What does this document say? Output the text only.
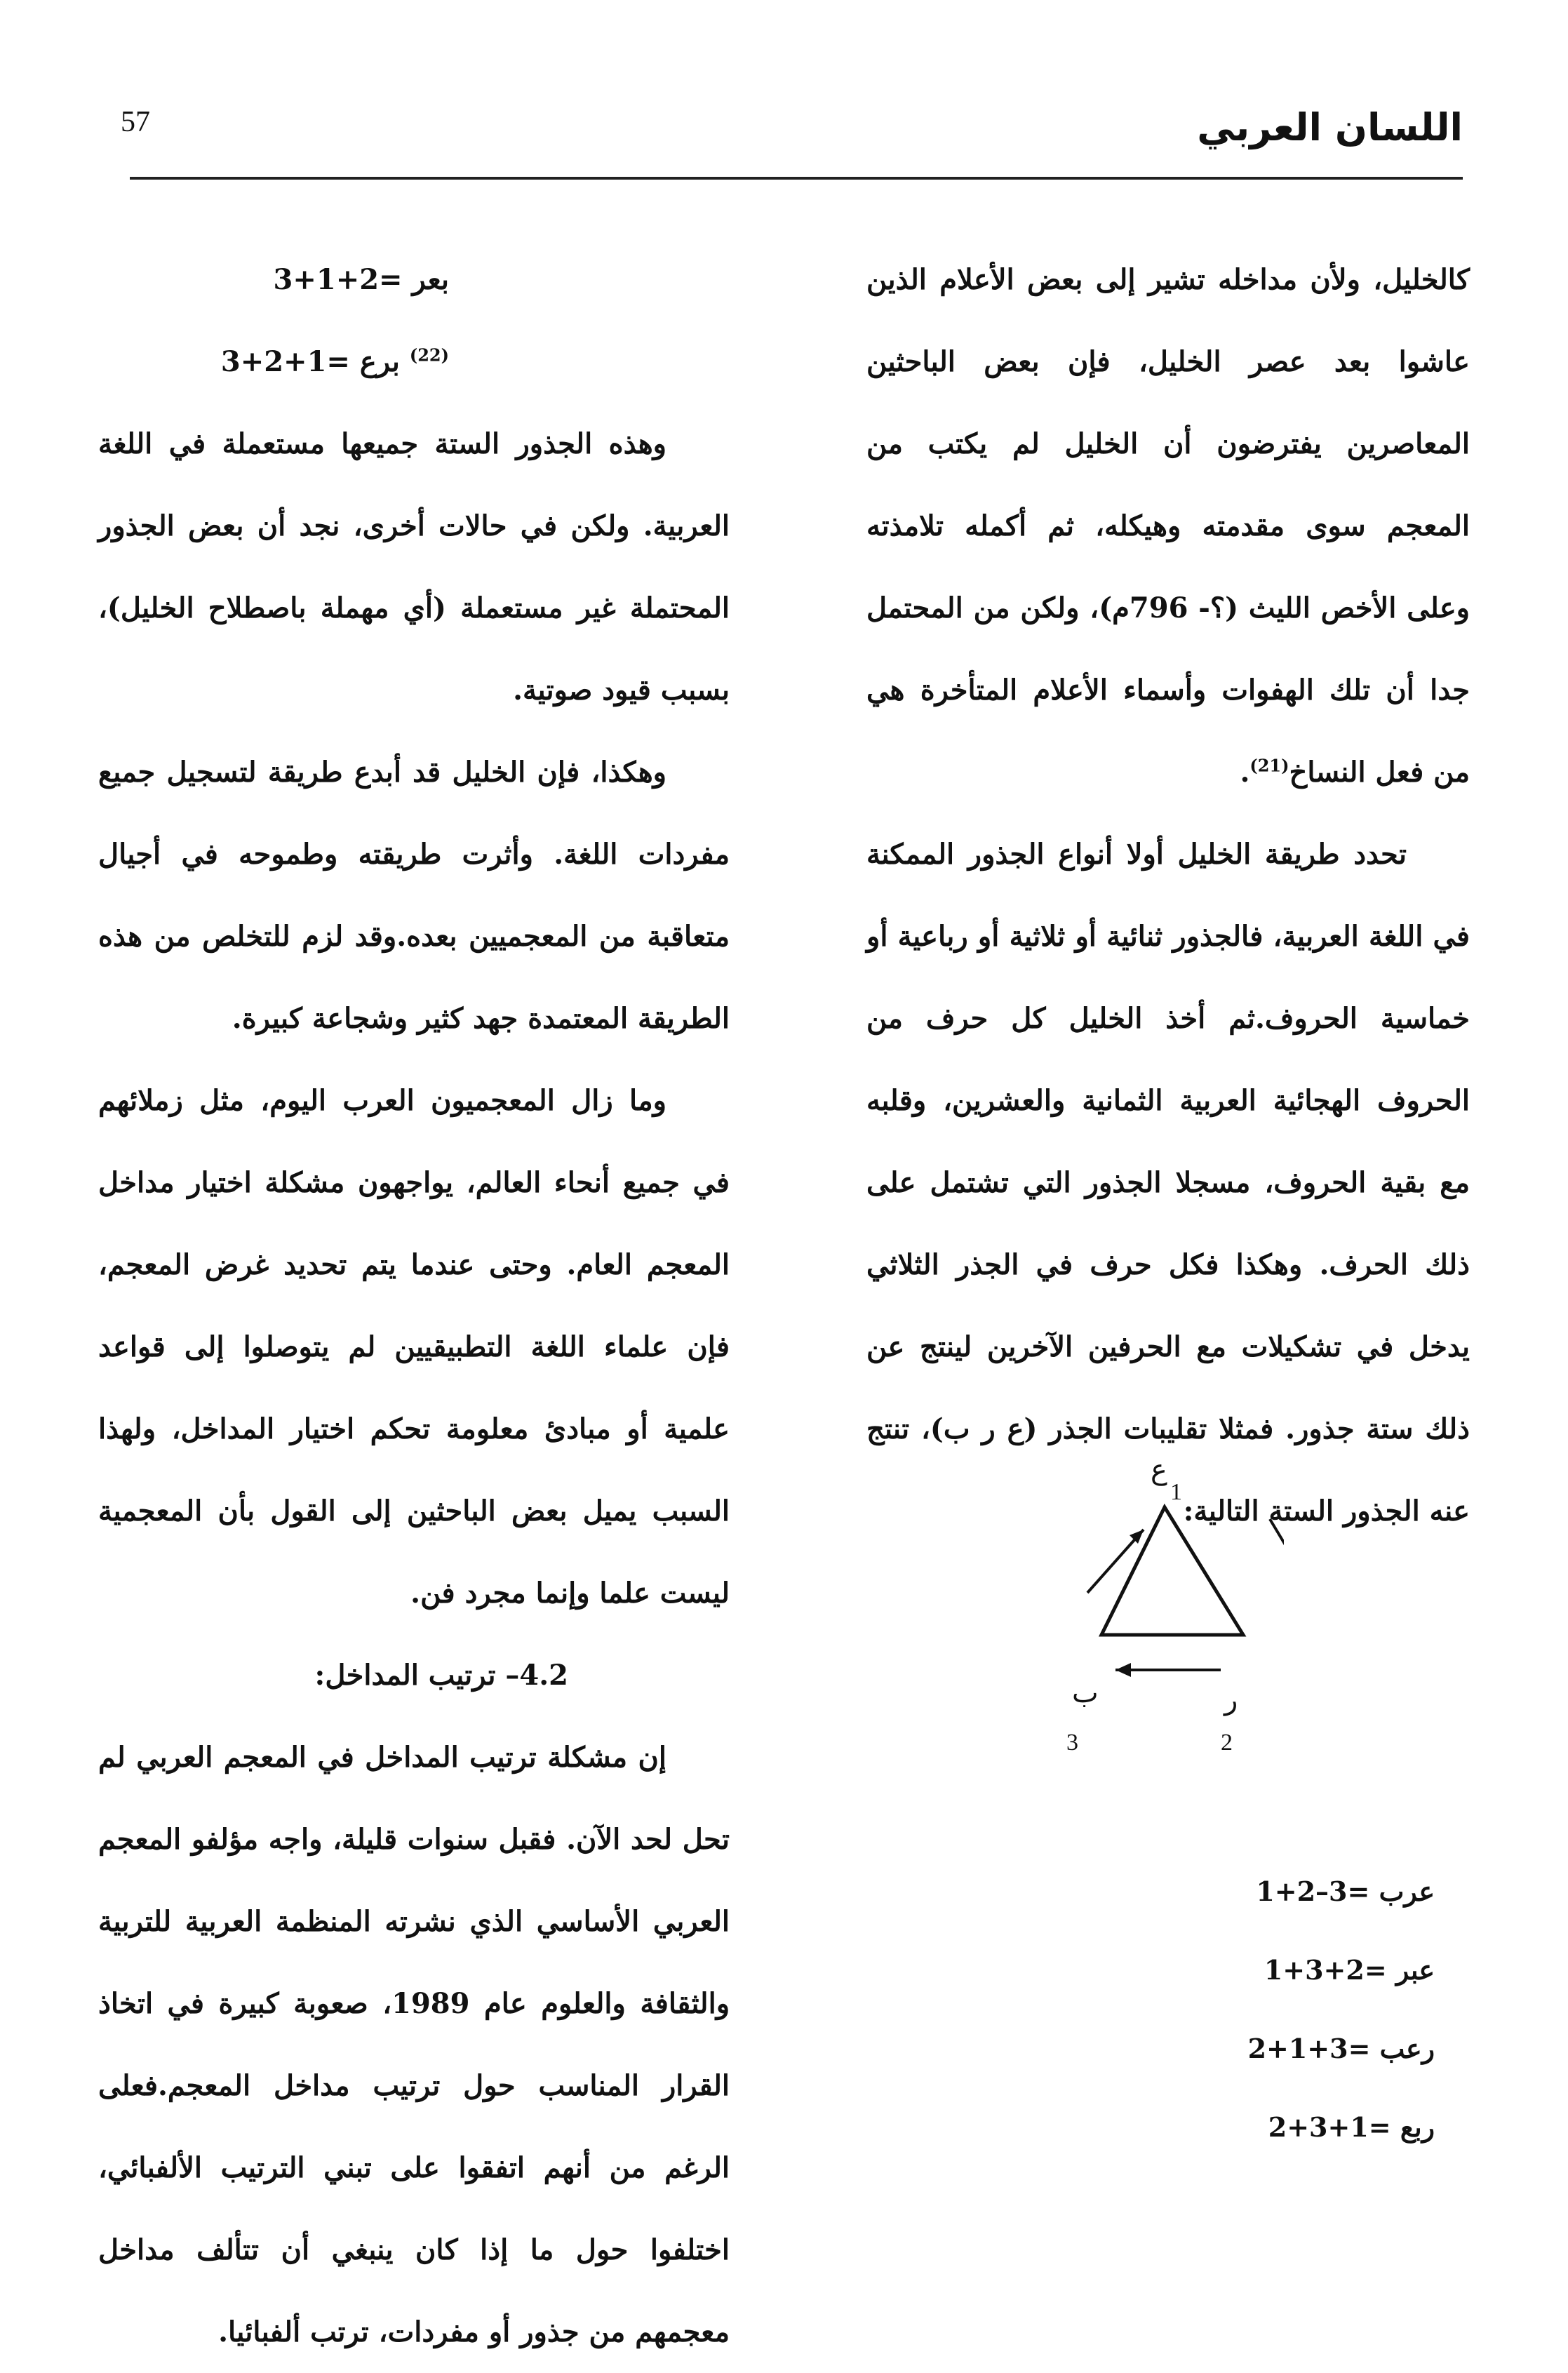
57	اللسان العربي

كالخليل، ولأن مداخله تشير إلى بعض الأعلام الذين عاشوا بعد عصر الخليل، فإن بعض الباحثين المعاصرين يفترضون أن الخليل لم يكتب من المعجم سوى مقدمته وهيكله، ثم أكمله تلامذته وعلى الأخص الليث (؟- 796م)، ولكن من المحتمل جدا أن تلك الهفوات وأسماء الأعلام المتأخرة هي من فعل النساخ$^{(21)}$.

تحدد طريقة الخليل أولا أنواع الجذور الممكنة في اللغة العربية، فالجذور ثنائية أو ثلاثية أو رباعية أو خماسية الحروف.ثم أخذ الخليل كل حرف من الحروف الهجائية العربية الثمانية والعشرين، وقلبه مع بقية الحروف، مسجلا الجذور التي تشتمل على ذلك الحرف. وهكذا فكل حرف في الجذر الثلاثي يدخل في تشكيلات مع الحرفين الآخرين لينتج عن ذلك ستة جذور. فمثلا تقليبات الجذر (ع ر ب)، تنتج عنه الجذور الستة التالية:

ع
1
ر
2
ب
3
عرب 1+2–3=
عبر 1+3+2=
رعب 2+1+3=
ربع 2+3+1=

بعر 3+1+2=

$^{(22)}$ برع 3+2+1=

وهذه الجذور الستة جميعها مستعملة في اللغة العربية. ولكن في حالات أخرى، نجد أن بعض الجذور المحتملة غير مستعملة (أي مهملة باصطلاح الخليل)، بسبب قيود صوتية.

وهكذا، فإن الخليل قد أبدع طريقة لتسجيل جميع مفردات اللغة. وأثرت طريقته وطموحه في أجيال متعاقبة من المعجميين بعده.وقد لزم للتخلص من هذه الطريقة المعتمدة جهد كثير وشجاعة كبيرة.

وما زال المعجميون العرب اليوم، مثل زملائهم في جميع أنحاء العالم، يواجهون مشكلة اختيار مداخل المعجم العام. وحتى عندما يتم تحديد غرض المعجم، فإن علماء اللغة التطبيقيين لم يتوصلوا إلى قواعد علمية أو مبادئ معلومة تحكم اختيار المداخل، ولهذا السبب يميل بعض الباحثين إلى القول بأن المعجمية ليست علما وإنما مجرد فن.

4.2– ترتيب المداخل:

إن مشكلة ترتيب المداخل في المعجم العربي لم تحل لحد الآن. فقبل سنوات قليلة، واجه مؤلفو المعجم العربي الأساسي الذي نشرته المنظمة العربية للتربية والثقافة والعلوم عام 1989، صعوبة كبيرة في اتخاذ القرار المناسب حول ترتيب مداخل المعجم.فعلى الرغم من أنهم اتفقوا على تبني الترتيب الألفبائي، اختلفوا حول ما إذا كان ينبغي أن تتألف مداخل معجمهم من جذور أو مفردات، ترتب ألفبائيا.
